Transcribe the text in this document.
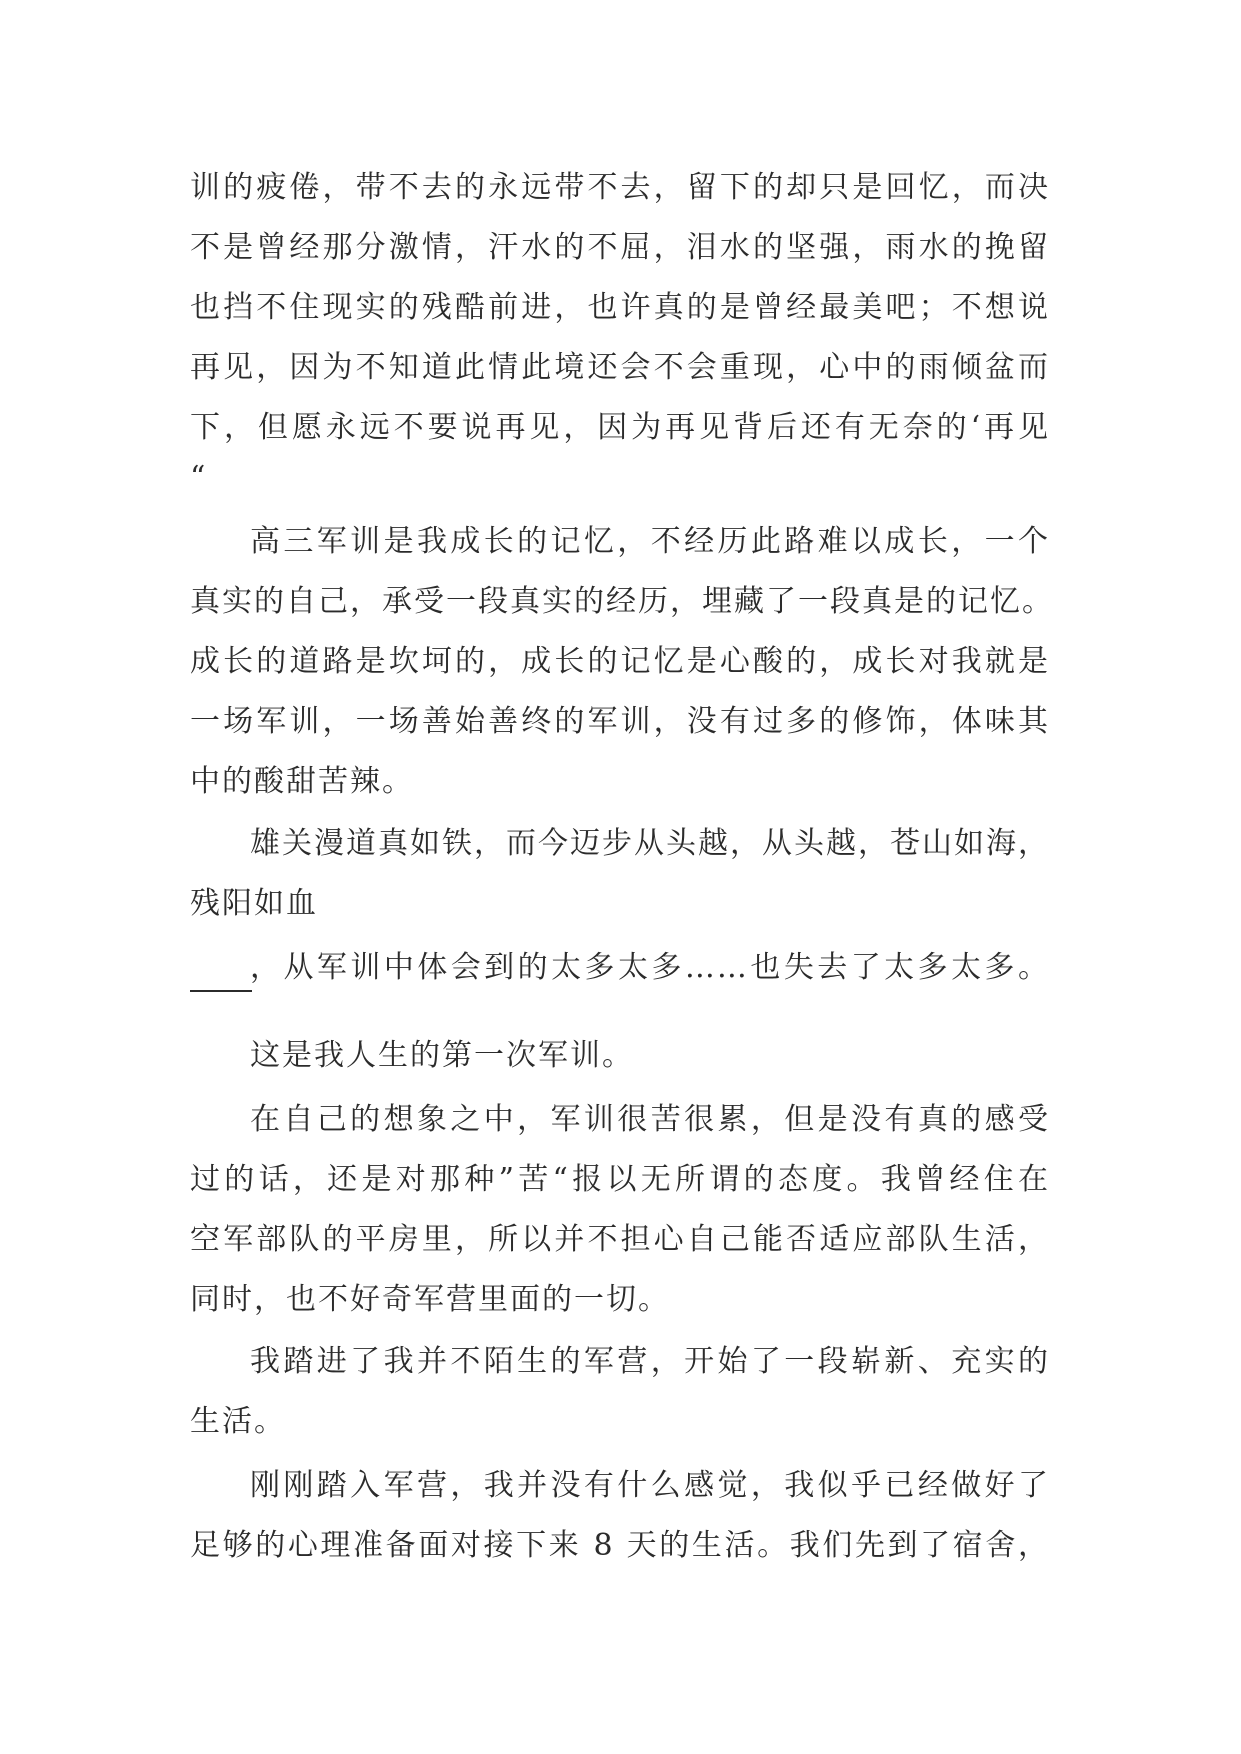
训的疲倦，带不去的永远带不去，留下的却只是回忆，而决
不是曾经那分激情，汗水的不屈，泪水的坚强，雨水的挽留
也挡不住现实的残酷前进，也许真的是曾经最美吧；不想说
再见，因为不知道此情此境还会不会重现，心中的雨倾盆而
下，但愿永远不要说再见，因为再见背后还有无奈的‘再见
“
高三军训是我成长的记忆，不经历此路难以成长，一个
真实的自己，承受一段真实的经历，埋藏了一段真是的记忆。
成长的道路是坎坷的，成长的记忆是心酸的，成长对我就是
一场军训，一场善始善终的军训，没有过多的修饰，体味其
中的酸甜苦辣。
雄关漫道真如铁，而今迈步从头越，从头越，苍山如海，
残阳如血
，从军训中体会到的太多太多……也失去了太多太多。
这是我人生的第一次军训。
在自己的想象之中，军训很苦很累，但是没有真的感受
过的话，还是对那种”苦“报以无所谓的态度。我曾经住在
空军部队的平房里，所以并不担心自己能否适应部队生活，
同时，也不好奇军营里面的一切。
我踏进了我并不陌生的军营，开始了一段崭新、充实的
生活。
刚刚踏入军营，我并没有什么感觉，我似乎已经做好了
足够的心理准备面对接下来 8 天的生活。我们先到了宿舍，
